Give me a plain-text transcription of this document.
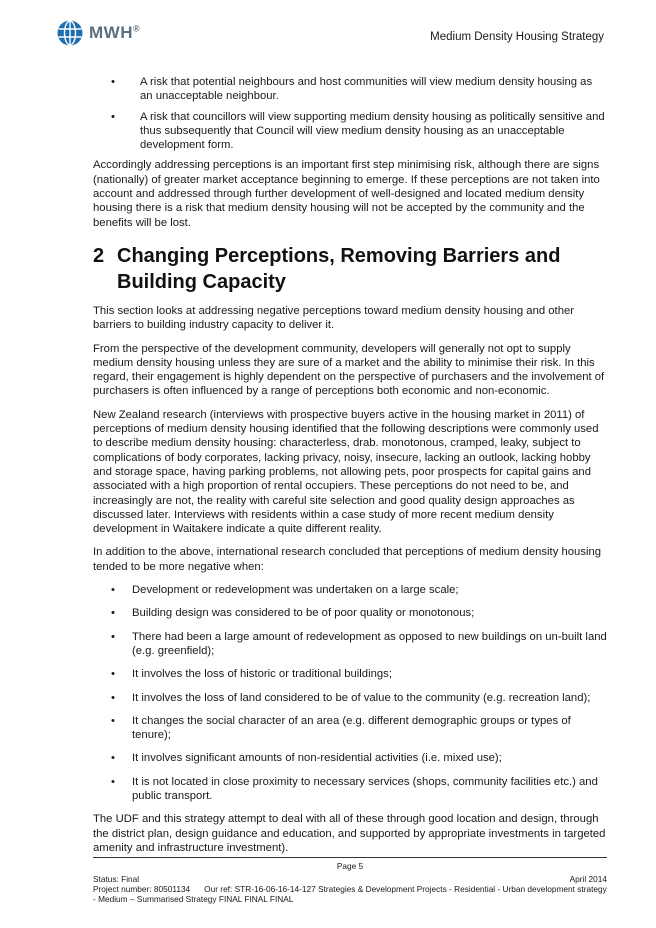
MWH®
Medium Density Housing Strategy
• A risk that potential neighbours and host communities will view medium density housing as an unacceptable neighbour.
• A risk that councillors will view supporting medium density housing as politically sensitive and thus subsequently that Council will view medium density housing as an unacceptable development form.

Accordingly addressing perceptions is an important first step minimising risk, although there are signs (nationally) of greater market acceptance beginning to emerge. If these perceptions are not taken into account and addressed through further development of well-designed and located medium density housing there is a risk that medium density housing will not be accepted by the community and the benefits will be lost.

2 Changing Perceptions, Removing Barriers and Building Capacity

This section looks at addressing negative perceptions toward medium density housing and other barriers to building industry capacity to deliver it.

From the perspective of the development community, developers will generally not opt to supply medium density housing unless they are sure of a market and the ability to minimise their risk. In this regard, their engagement is highly dependent on the perspective of purchasers and the involvement of purchasers is often influenced by a range of perceptions both economic and non-economic.

New Zealand research (interviews with prospective buyers active in the housing market in 2011) of perceptions of medium density housing identified that the following descriptions were commonly used to describe medium density housing: characterless, drab. monotonous, cramped, leaky, subject to complications of body corporates, lacking privacy, noisy, insecure, lacking an outlook, lacking hobby and storage space, having parking problems, not allowing pets, poor prospects for capital gains and associated with a high proportion of rental occupiers. These perceptions do not need to be, and increasingly are not, the reality with careful site selection and good quality design approaches as discussed later. Interviews with residents within a case study of more recent medium density development in Waitakere indicate a quite different reality.

In addition to the above, international research concluded that perceptions of medium density housing tended to be more negative when:

• Development or redevelopment was undertaken on a large scale;
• Building design was considered to be of poor quality or monotonous;
• There had been a large amount of redevelopment as opposed to new buildings on un-built land (e.g. greenfield);
• It involves the loss of historic or traditional buildings;
• It involves the loss of land considered to be of value to the community (e.g. recreation land);
• It changes the social character of an area (e.g. different demographic groups or types of tenure);
• It involves significant amounts of non-residential activities (i.e. mixed use);
• It is not located in close proximity to necessary services (shops, community facilities etc.) and public transport.

The UDF and this strategy attempt to deal with all of these through good location and design, through the district plan, design guidance and education, and supported by appropriate investments in targeted amenity and infrastructure investment).

Page 5
Status: Final	April 2014
Project number: 80501134 Our ref: STR-16-06-16-14-127 Strategies & Development Projects - Residential - Urban development strategy - Medium – Summarised Strategy FINAL FINAL FINAL
